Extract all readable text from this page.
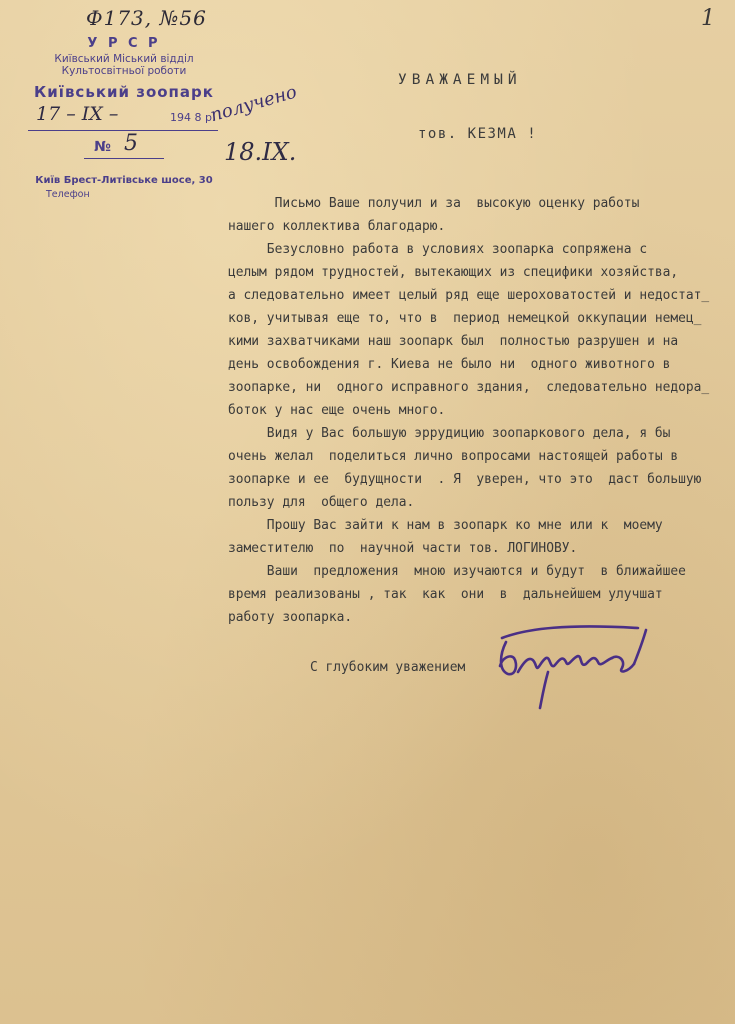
Ф173, №56	1
У Р С Р
Київський Міський відділ
Культосвітньої роботи
Київський зоопарк
17 – IX –	194 8 р.
№ 5
Київ Брест-Литівське шосе, 30
Телефон
получено
18.IX.
УВАЖАЕМЫЙ
тов. КЕЗМА !
Письмо Ваше получил и за  высокую оценку работы
нашего коллектива благодарю.
Безусловно работа в условиях зоопарка сопряжена с
целым рядом трудностей, вытекающих из специфики хозяйства,
а следовательно имеет целый ряд еще шероховатостей и недостат_
ков, учитывая еще то, что в  период немецкой оккупации немец_
кими захватчиками наш зоопарк был  полностью разрушен и на
день освобождения г. Киева не было ни  одного животного в
зоопарке, ни  одного исправного здания,  следовательно недора_
боток у нас еще очень много.
Видя у Вас большую эррудицию зоопаркового дела, я бы
очень желал  поделиться лично вопросами настоящей работы в
зоопарке и ее  будущности  . Я  уверен, что это  даст большую
пользу для  общего дела.
Прошу Вас зайти к нам в зоопарк ко мне или к  моему
заместителю  по  научной части тов. ЛОГИНОВУ.
Ваши  предложения  мною изучаются и будут  в ближайшее
время реализованы , так  как  они  в  дальнейшем улучшат
работу зоопарка.
С глубоким уважением
